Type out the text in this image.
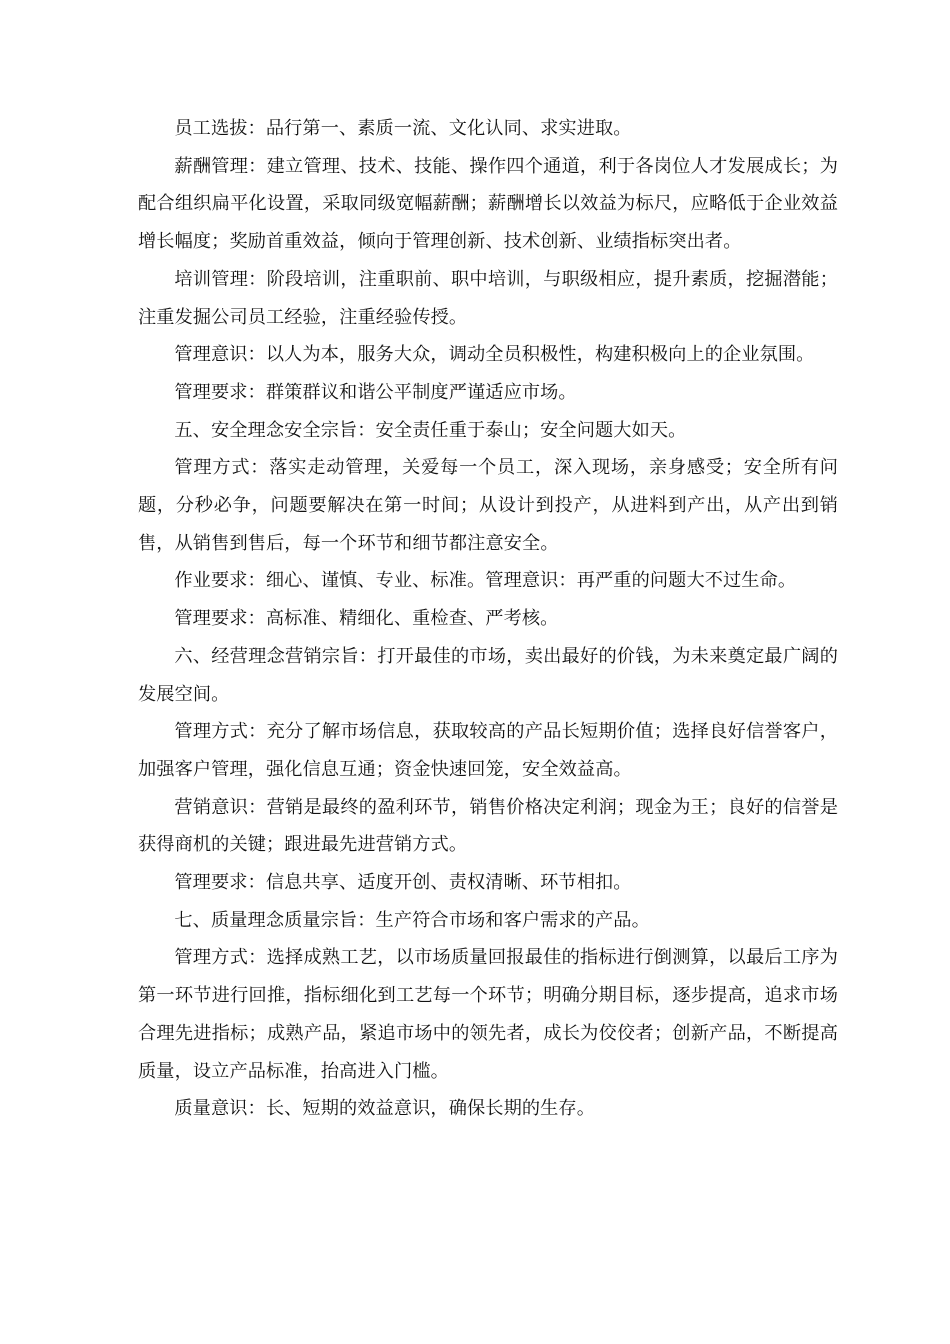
员工选拔：品行第一、素质一流、文化认同、求实进取。

薪酬管理：建立管理、技术、技能、操作四个通道，利于各岗位人才发展成长；为配合组织扁平化设置，采取同级宽幅薪酬；薪酬增长以效益为标尺，应略低于企业效益增长幅度；奖励首重效益，倾向于管理创新、技术创新、业绩指标突出者。

培训管理：阶段培训，注重职前、职中培训，与职级相应，提升素质，挖掘潜能；注重发掘公司员工经验，注重经验传授。

管理意识：以人为本，服务大众，调动全员积极性，构建积极向上的企业氛围。

管理要求：群策群议和谐公平制度严谨适应市场。

五、安全理念安全宗旨：安全责任重于泰山；安全问题大如天。

管理方式：落实走动管理，关爱每一个员工，深入现场，亲身感受；安全所有问题，分秒必争，问题要解决在第一时间；从设计到投产，从进料到产出，从产出到销售，从销售到售后，每一个环节和细节都注意安全。

作业要求：细心、谨慎、专业、标准。管理意识：再严重的问题大不过生命。

管理要求：高标准、精细化、重检查、严考核。

六、经营理念营销宗旨：打开最佳的市场，卖出最好的价钱，为未来奠定最广阔的发展空间。

管理方式：充分了解市场信息，获取较高的产品长短期价值；选择良好信誉客户，加强客户管理，强化信息互通；资金快速回笼，安全效益高。

营销意识：营销是最终的盈利环节，销售价格决定利润；现金为王；良好的信誉是获得商机的关键；跟进最先进营销方式。

管理要求：信息共享、适度开创、责权清晰、环节相扣。

七、质量理念质量宗旨：生产符合市场和客户需求的产品。

管理方式：选择成熟工艺，以市场质量回报最佳的指标进行倒测算，以最后工序为第一环节进行回推，指标细化到工艺每一个环节；明确分期目标，逐步提高，追求市场合理先进指标；成熟产品，紧追市场中的领先者，成长为佼佼者；创新产品，不断提高质量，设立产品标准，抬高进入门槛。

质量意识：长、短期的效益意识，确保长期的生存。
